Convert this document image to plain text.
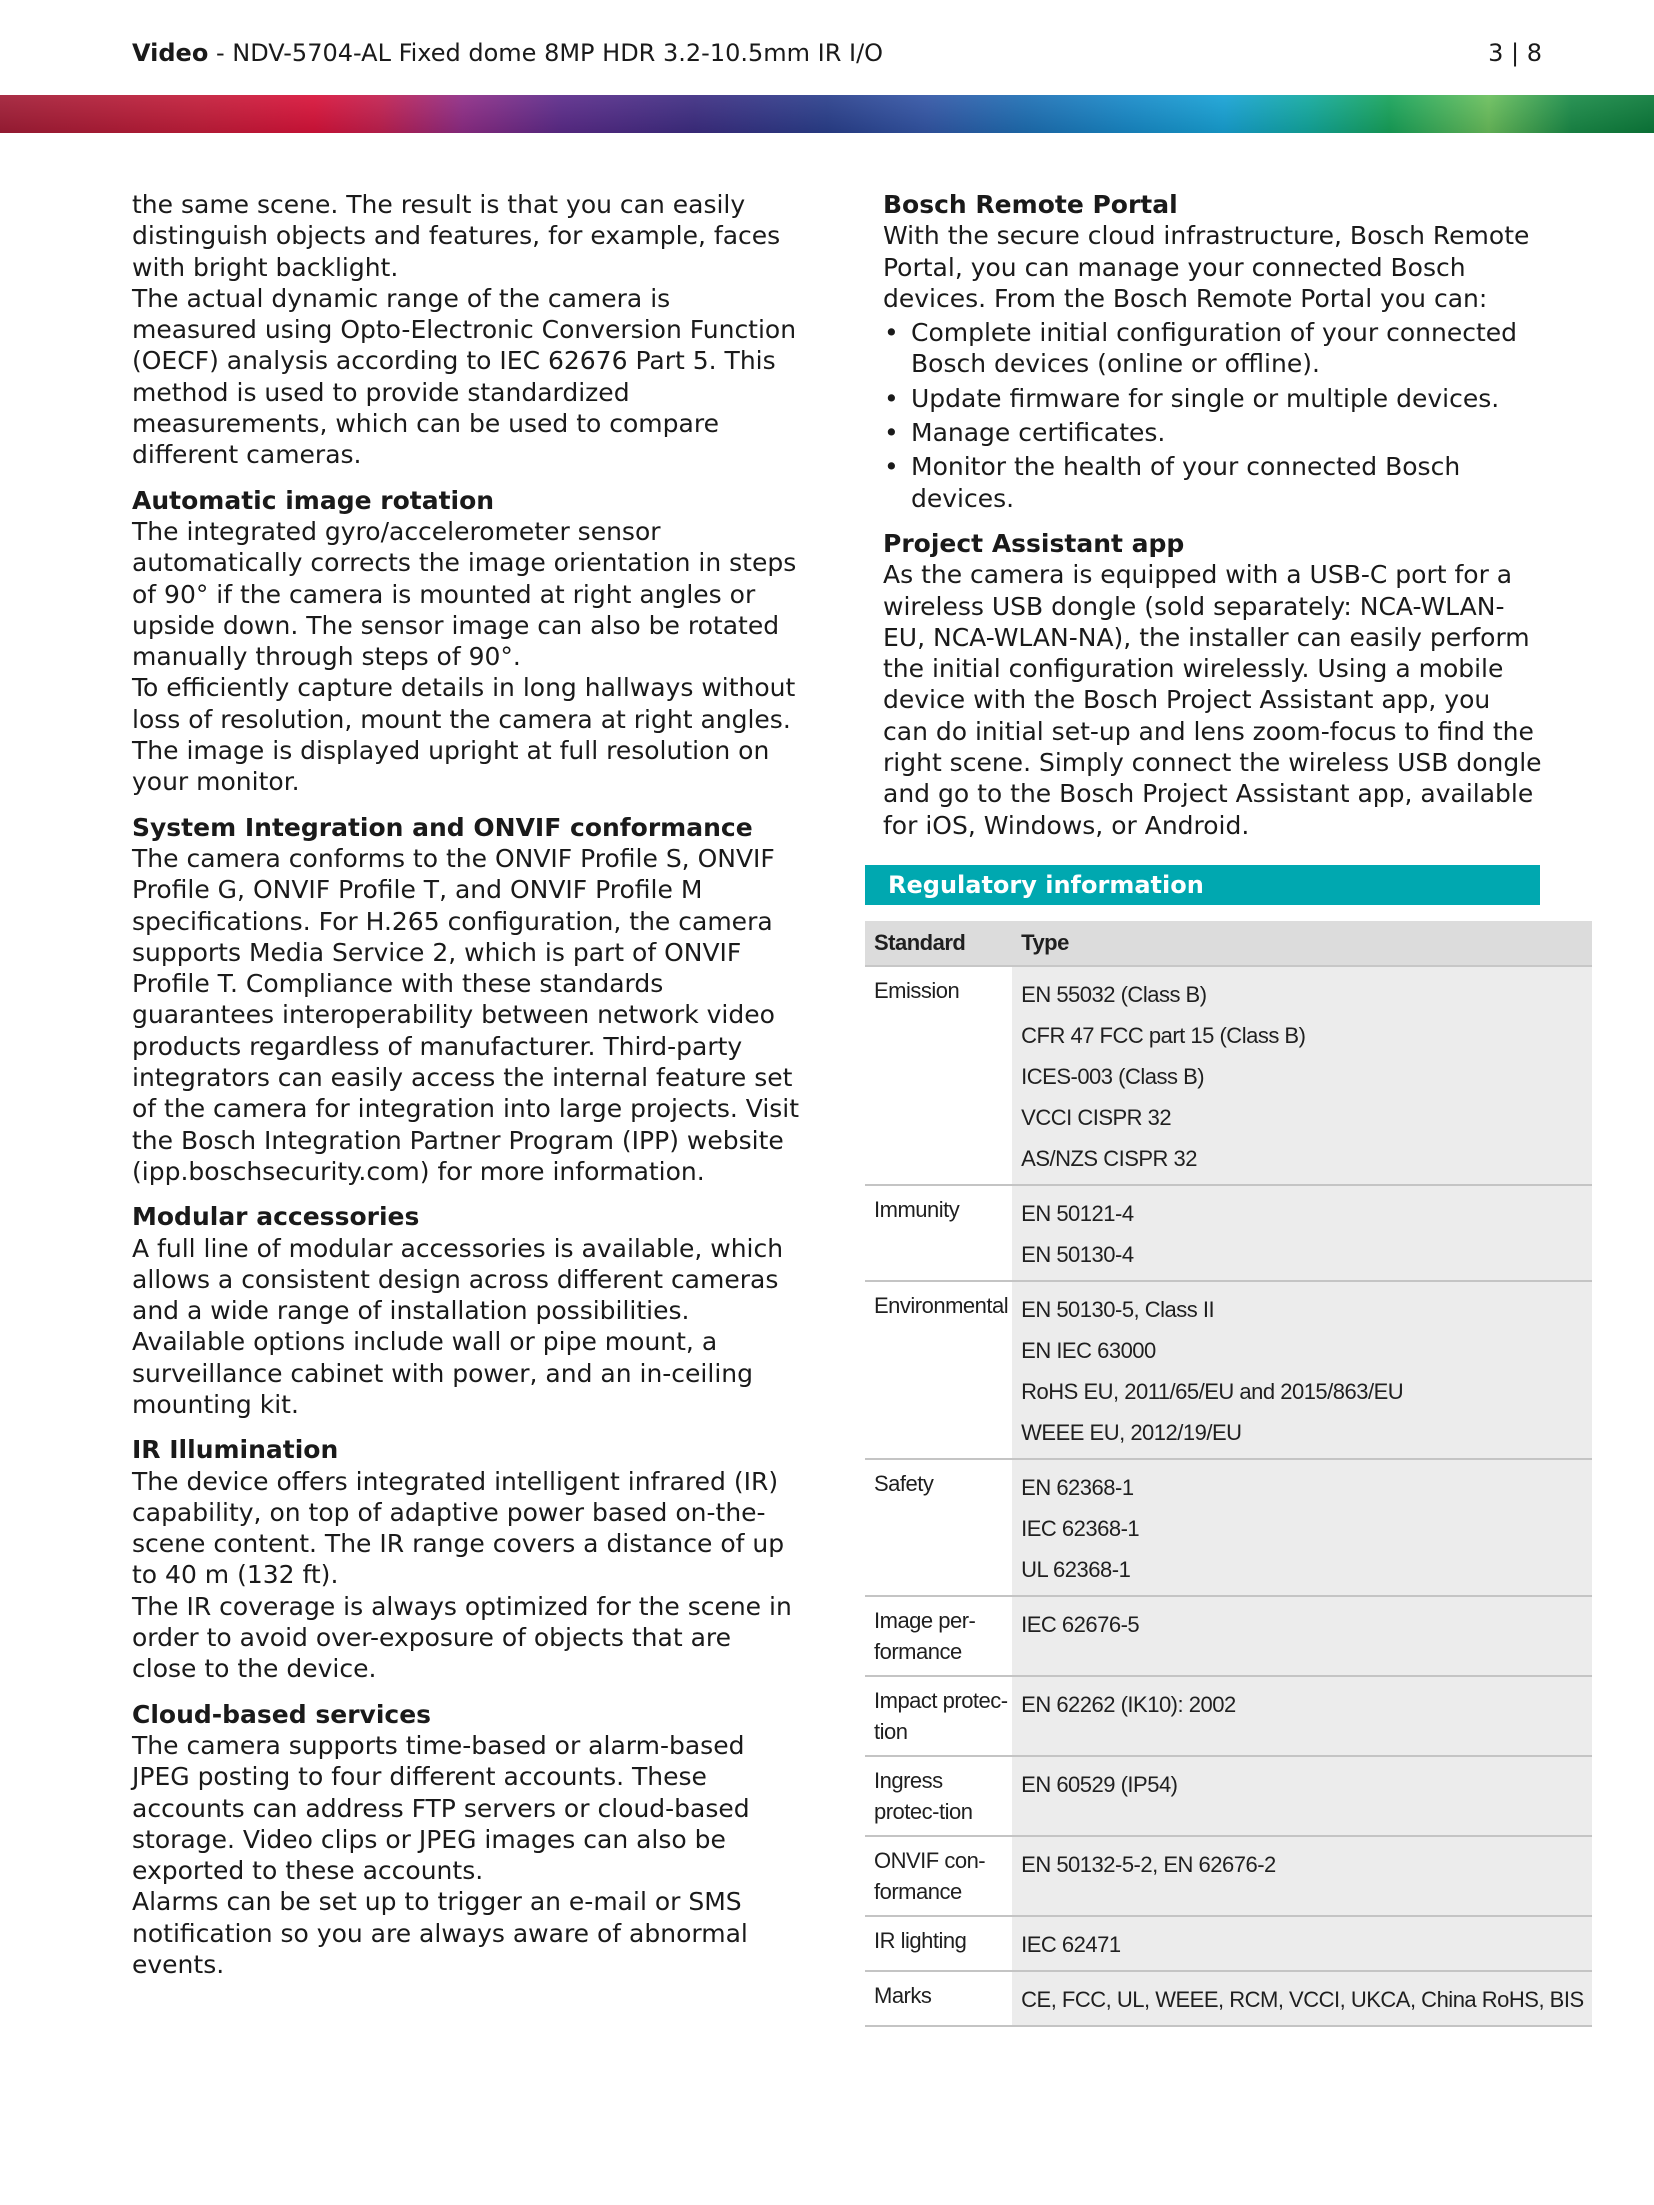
Video - NDV-5704-AL Fixed dome 8MP HDR 3.2-10.5mm IR I/O	3 | 8

the same scene. The result is that you can easily distinguish objects and features, for example, faces with bright backlight.

The actual dynamic range of the camera is measured using Opto-Electronic Conversion Function (OECF) analysis according to IEC 62676 Part 5. This method is used to provide standardized measurements, which can be used to compare different cameras.

Automatic image rotation

The integrated gyro/accelerometer sensor automatically corrects the image orientation in steps of 90° if the camera is mounted at right angles or upside down. The sensor image can also be rotated manually through steps of 90°.

To efficiently capture details in long hallways without loss of resolution, mount the camera at right angles. The image is displayed upright at full resolution on your monitor.

System Integration and ONVIF conformance

The camera conforms to the ONVIF Profile S, ONVIF Profile G, ONVIF Profile T, and ONVIF Profile M specifications. For H.265 configuration, the camera supports Media Service 2, which is part of ONVIF Profile T. Compliance with these standards guarantees interoperability between network video products regardless of manufacturer. Third-party integrators can easily access the internal feature set of the camera for integration into large projects. Visit the Bosch Integration Partner Program (IPP) website (ipp.boschsecurity.com) for more information.

Modular accessories

A full line of modular accessories is available, which allows a consistent design across different cameras and a wide range of installation possibilities. Available options include wall or pipe mount, a surveillance cabinet with power, and an in-ceiling mounting kit.

IR Illumination

The device offers integrated intelligent infrared (IR) capability, on top of adaptive power based on-the-scene content. The IR range covers a distance of up to 40 m (132 ft).

The IR coverage is always optimized for the scene in order to avoid over-exposure of objects that are close to the device.

Cloud-based services

The camera supports time-based or alarm-based JPEG posting to four different accounts. These accounts can address FTP servers or cloud-based storage. Video clips or JPEG images can also be exported to these accounts.

Alarms can be set up to trigger an e-mail or SMS notification so you are always aware of abnormal events.

Bosch Remote Portal

With the secure cloud infrastructure, Bosch Remote Portal, you can manage your connected Bosch devices. From the Bosch Remote Portal you can:

• Complete initial configuration of your connected Bosch devices (online or offline).
• Update firmware for single or multiple devices.
• Manage certificates.
• Monitor the health of your connected Bosch devices.
Project Assistant app

As the camera is equipped with a USB-C port for a wireless USB dongle (sold separately: NCA-WLAN-EU, NCA-WLAN-NA), the installer can easily perform the initial configuration wirelessly. Using a mobile device with the Bosch Project Assistant app, you can do initial set-up and lens zoom-focus to find the right scene. Simply connect the wireless USB dongle and go to the Bosch Project Assistant app, available for iOS, Windows, or Android.

Regulatory information
Standard	Type
Emission	EN 55032 (Class B)
CFR 47 FCC part 15 (Class B)
ICES-003 (Class B)
VCCI CISPR 32
AS/NZS CISPR 32

Immunity	EN 50121-4
EN 50130-4

Environmental	EN 50130-5, Class II
EN IEC 63000
RoHS EU, 2011/65/EU and 2015/863/EU
WEEE EU, 2012/19/EU

Safety	EN 62368-1
IEC 62368-1
UL 62368-1

Image per-formance	IEC 62676-5

Impact protec-tion	EN 62262 (IK10): 2002

Ingress protec-tion	EN 60529 (IP54)

ONVIF con-formance	EN 50132-5-2, EN 62676-2

IR lighting	IEC 62471

Marks	CE, FCC, UL, WEEE, RCM, VCCI, UKCA, China RoHS, BIS
